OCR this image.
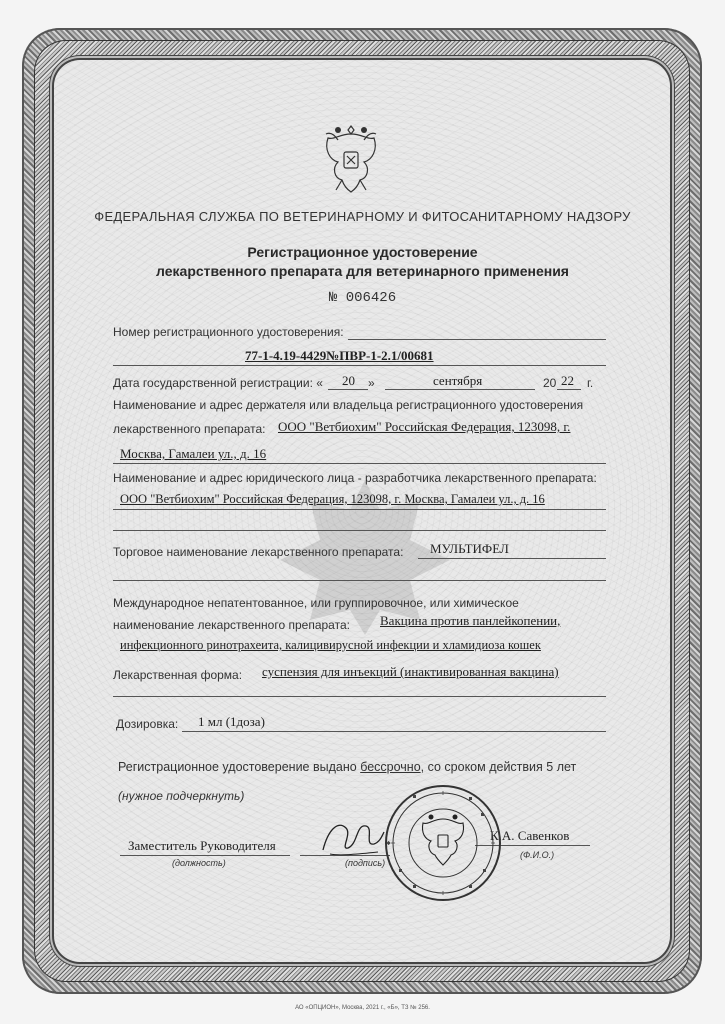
ФЕДЕРАЛЬНАЯ СЛУЖБА ПО ВЕТЕРИНАРНОМУ И ФИТОСАНИТАРНОМУ НАДЗОРУ
Регистрационное удостоверение
лекарственного препарата для ветеринарного применения
№ 006426
Номер регистрационного удостоверения:
77-1-4.19-4429№ПВР-1-2.1/00681
Дата государственной регистрации: « 20 »	сентября	20 22 г.
Наименование и адрес держателя или владельца регистрационного удостоверения
лекарственного препарата: ООО "Ветбиохим" Российская Федерация, 123098, г.
Москва, Гамалеи ул., д. 16
Наименование и адрес юридического лица - разработчика лекарственного препарата:
ООО "Ветбиохим" Российская Федерация, 123098, г. Москва, Гамалеи ул., д. 16
Торговое наименование лекарственного препарата: МУЛЬТИФЕЛ
Международное непатентованное, или группировочное, или химическое
наименование лекарственного препарата: Вакцина против панлейкопении,
инфекционного ринотрахеита, калицивирусной инфекции и хламидиоза кошек
Лекарственная форма: суспензия для инъекций (инактивированная вакцина)
Дозировка: 1 мл (1доза)
Регистрационное удостоверение выдано бессрочно, со сроком действия 5 лет
(нужное подчеркнуть)
Заместитель Руководителя
(должность)	(подпись)
К.А. Савенков
(Ф.И.О.)
АО «ОПЦИОН», Москва, 2021 г., «Б», ТЗ № 256.
